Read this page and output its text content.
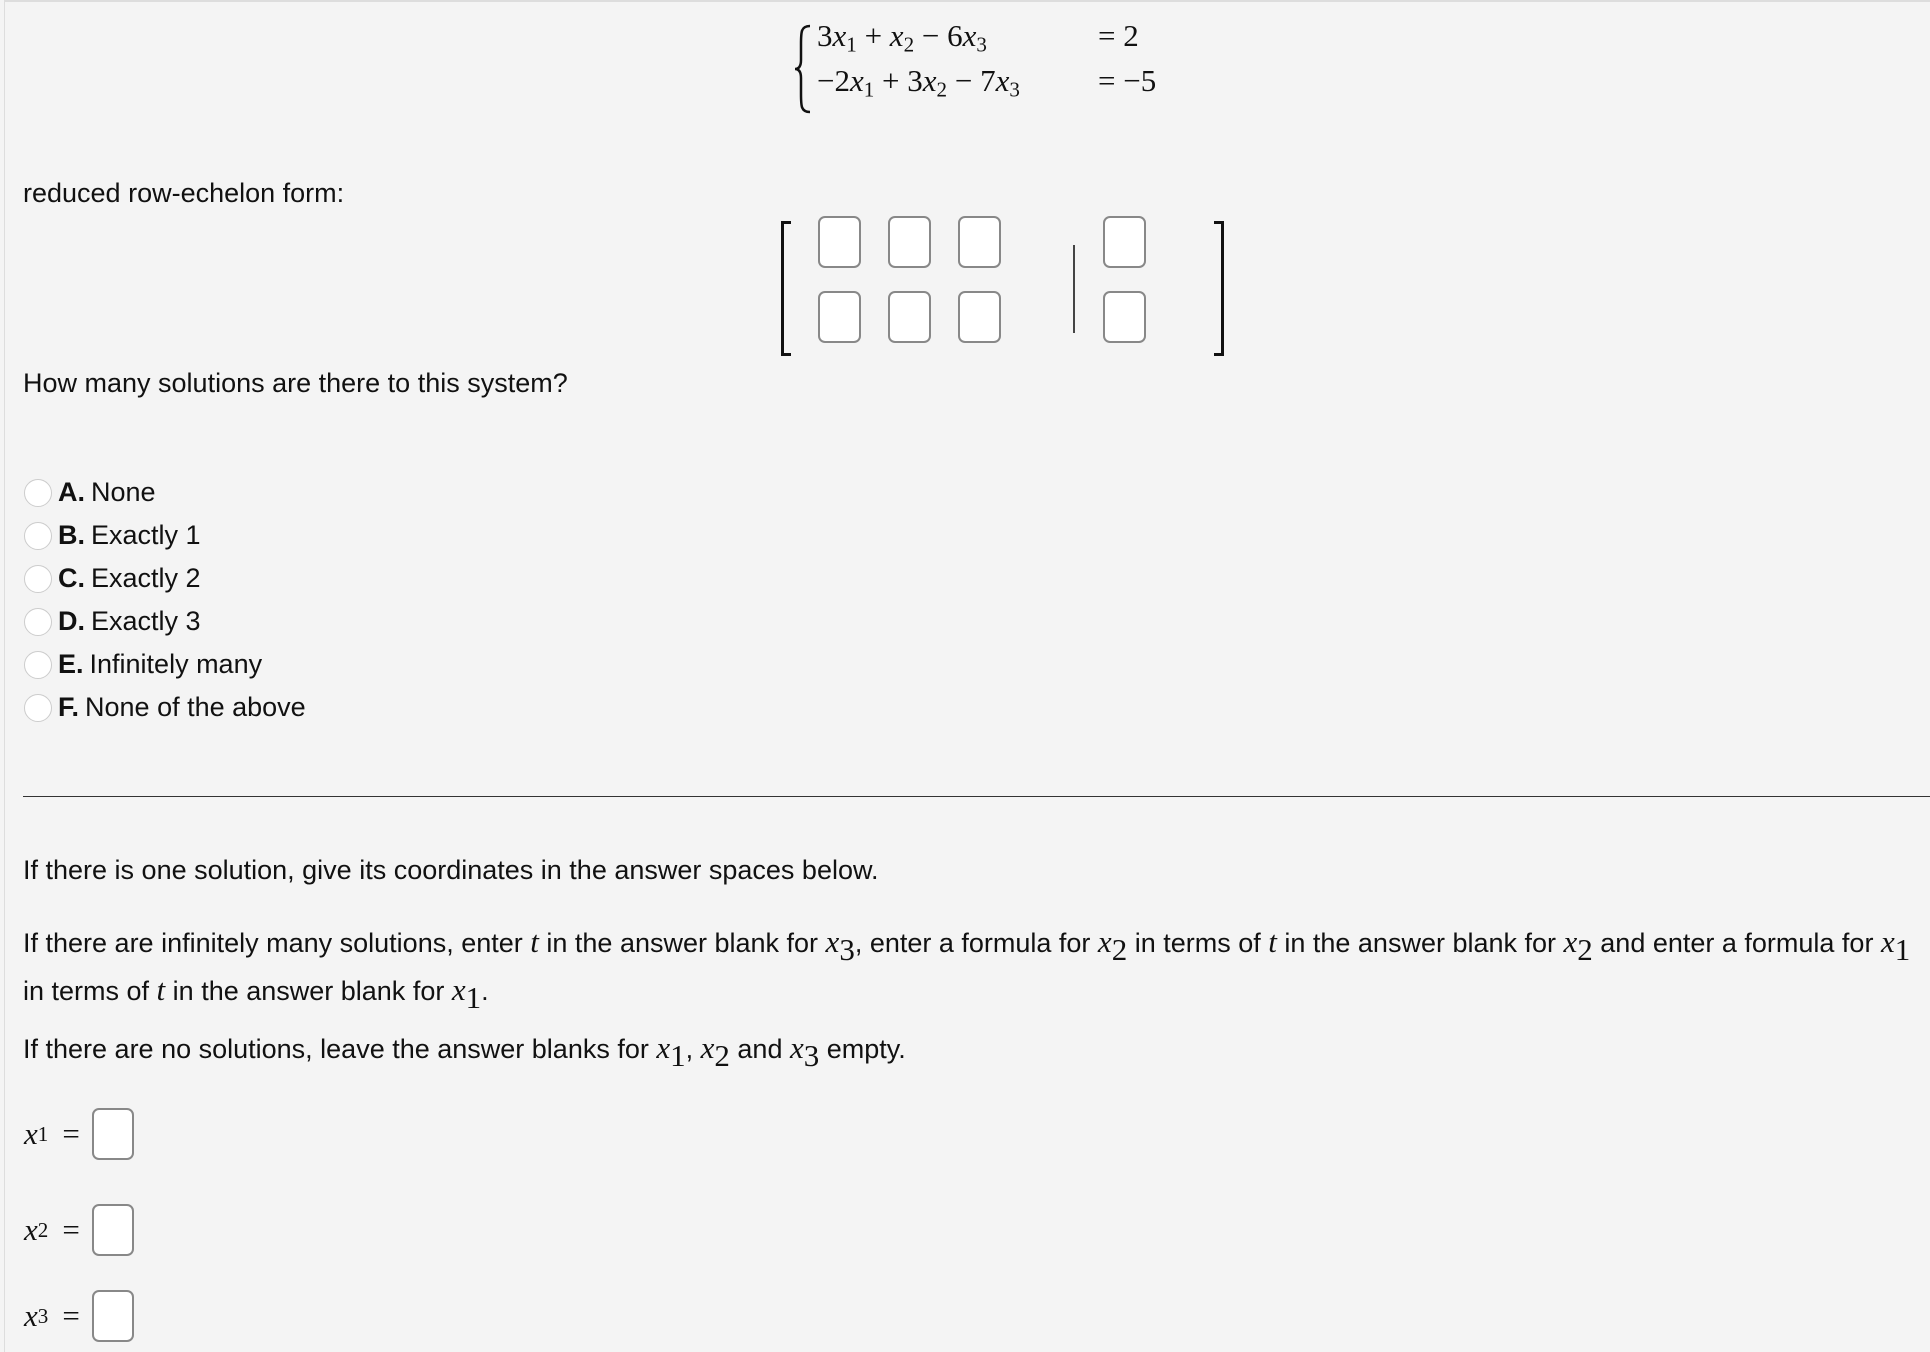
$3x_1 + x_2 - 6x_3$	= 2
$-2x_1 + 3x_2 - 7x_3$	= −5
reduced row-echelon form:
How many solutions are there to this system?
A. None
B. Exactly 1
C. Exactly 2
D. Exactly 3
E. Infinitely many
F. None of the above
If there is one solution, give its coordinates in the answer spaces below.
If there are infinitely many solutions, enter t in the answer blank for $x_3$, enter a formula for $x_2$ in terms of t in the answer blank for $x_2$ and enter a formula for $x_1$ in terms of t in the answer blank for $x_1$.
If there are no solutions, leave the answer blanks for $x_1$, $x_2$ and $x_3$ empty.
x 1 =
x 2 =
x 3 =
